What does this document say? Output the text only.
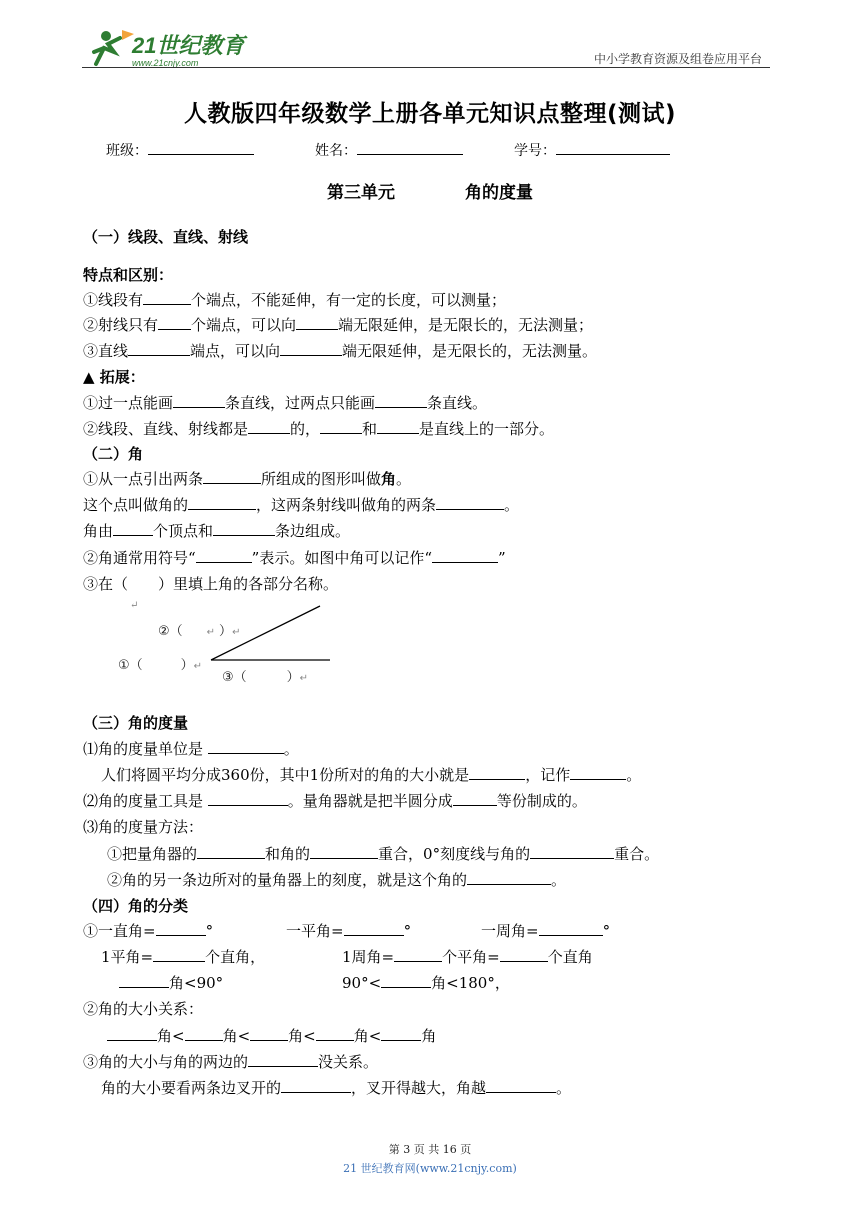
21世纪教育
www.21cnjy.com	中小学教育资源及组卷应用平台
人教版四年级数学上册各单元知识点整理(测试)
班级：	姓名：	学号：
第三单元	角的度量
（一）线段、直线、射线
特点和区别：
①线段有	个端点，不能延伸，有一定的长度，可以测量；
②射线只有 个端点，可以向	端无限延伸，是无限长的，无法测量；
③直线	端点，可以向	端无限延伸，是无限长的，无法测量。
▲ 拓展：
①过一点能画	条直线，过两点只能画	条直线。
②线段、直线、射线都是	的，	和	是直线上的一部分。
（二）角
①从一点引出两条	所组成的图形叫做角。
这个点叫做角的	，这两条射线叫做角的两条	。
角由	个顶点和	条边组成。
②角通常用符号“	”表示。如图中角可以记作“	”
③在（　　）里填上角的各部分名称。
↵
②（ ↵ ）↵
①（	）↵
③（	）↵
（三）角的度量
⑴角的度量单位是	。
人们将圆平均分成360份，其中1份所对的角的大小就是	，记作	。
⑵角的度量工具是	。量角器就是把半圆分成	等份制成的。
⑶角的度量方法：
①把量角器的	和角的	重合，0°刻度线与角的	重合。
②角的另一条边所对的量角器上的刻度，就是这个角的	。
（四）角的分类
①一直角=	°	一平角=	°	一周角=	°
1平角=	个直角，	1周角=	个平角=	个直角
角<90°	90°<	角<180°，
②角的大小关系：
角<	角<	角<	角<	角
③角的大小与角的两边的	没关系。
角的大小要看两条边叉开的	，叉开得越大，角越	。
第 3 页 共 16 页
21 世纪教育网(www.21cnjy.com)
